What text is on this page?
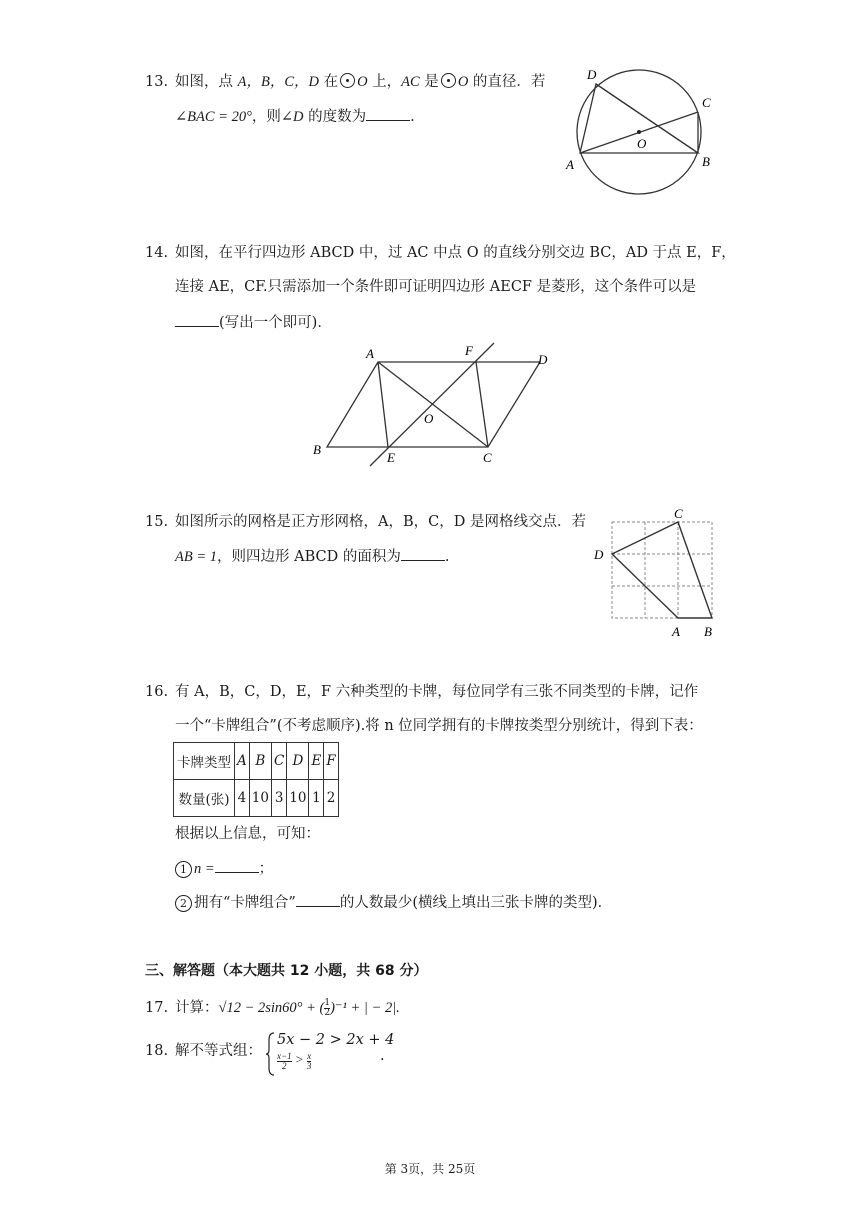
13. 如图，点 A，B，C，D 在 O 上，AC 是 O 的直径．若
∠BAC = 20°，则∠D 的度数为	.
D
C
O
A	B
14. 如图，在平行四边形 ABCD 中，过 AC 中点 O 的直线分别交边 BC，AD 于点 E，F，
连接 AE，CF.只需添加一个条件即可证明四边形 AECF 是菱形，这个条件可以是
(写出一个即可)．
A	F
D
O
B
E	C
15. 如图所示的网格是正方形网格，A，B，C，D 是网格线交点．若
AB = 1，则四边形 ABCD 的面积为	.
C
D
A B
16. 有 A，B，C，D，E，F 六种类型的卡牌，每位同学有三张不同类型的卡牌，记作
一个“卡牌组合”(不考虑顺序).将 n 位同学拥有的卡牌按类型分别统计，得到下表：
卡牌类型	A	B	C	D	E	F
数量(张)	4	10	3	10	1	2
根据以上信息，可知：
1 n =	；
2 拥有“卡牌组合”	的人数最少(横线上填出三张卡牌的类型)．
三、解答题（本大题共 12 小题，共 68 分）
17. 计算：√12 − 2sin60° + ( $\frac{1}{2} )^{-1}$ + | − 2|.
18. 解不等式组：
5x − 2 > 2x + 4
$\frac{x-1}{2} > \frac{x}{3}$	.
第 3页，共 25页
